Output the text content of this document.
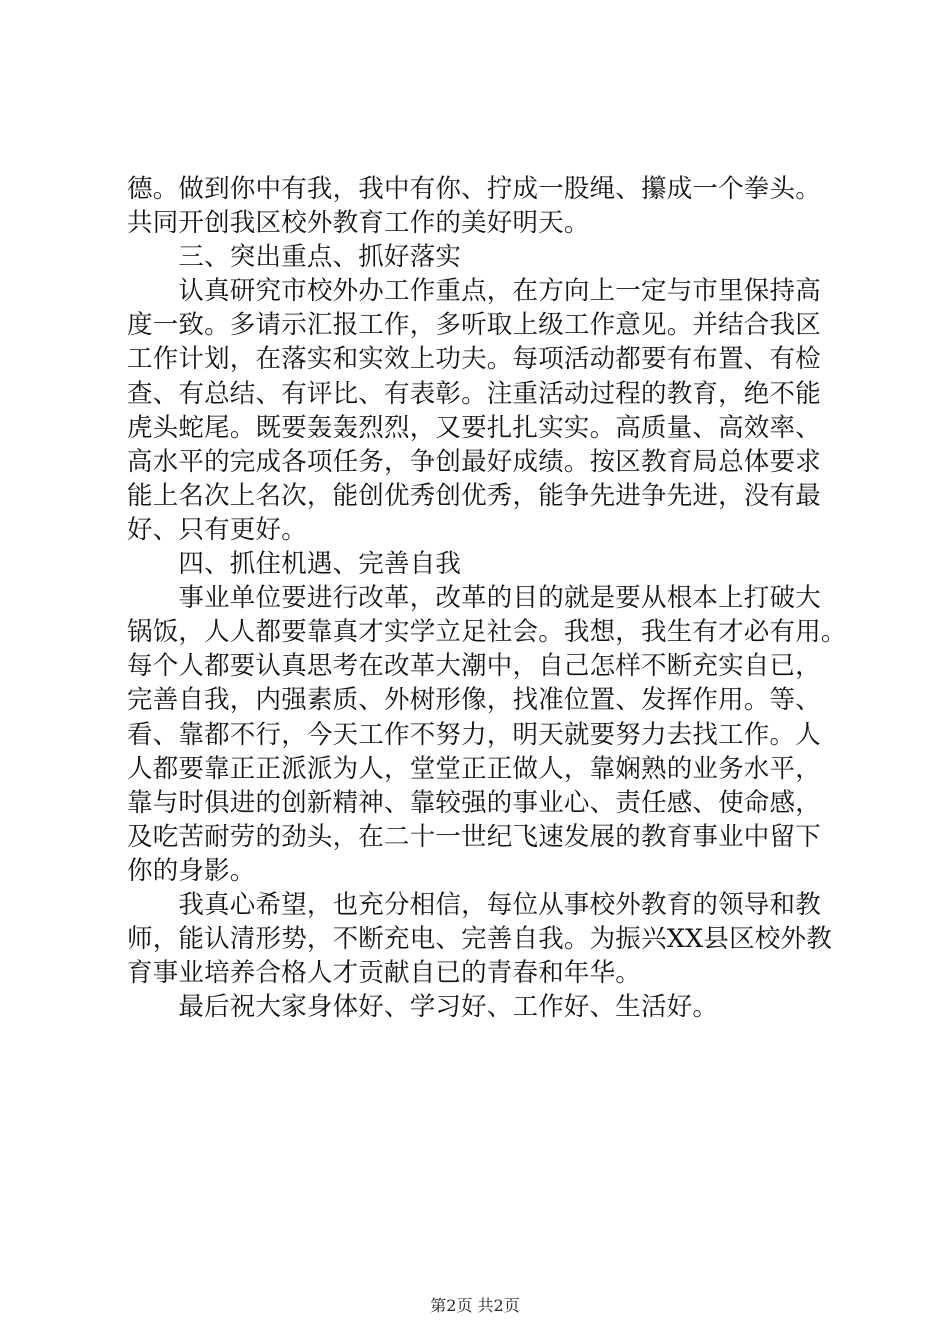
德。做到你中有我，我中有你、拧成一股绳、攥成一个拳头。
共同开创我区校外教育工作的美好明天。
　　三、突出重点、抓好落实
　　认真研究市校外办工作重点，在方向上一定与市里保持高
度一致。多请示汇报工作，多听取上级工作意见。并结合我区
工作计划，在落实和实效上功夫。每项活动都要有布置、有检
查、有总结、有评比、有表彰。注重活动过程的教育，绝不能
虎头蛇尾。既要轰轰烈烈，又要扎扎实实。高质量、高效率、
高水平的完成各项任务，争创最好成绩。按区教育局总体要求
能上名次上名次，能创优秀创优秀，能争先进争先进，没有最
好、只有更好。
　　四、抓住机遇、完善自我
　　事业单位要进行改革，改革的目的就是要从根本上打破大
锅饭，人人都要靠真才实学立足社会。我想，我生有才必有用。
每个人都要认真思考在改革大潮中，自己怎样不断充实自已，
完善自我，内强素质、外树形像，找准位置、发挥作用。等、
看、靠都不行，今天工作不努力，明天就要努力去找工作。人
人都要靠正正派派为人，堂堂正正做人，靠娴熟的业务水平，
靠与时俱进的创新精神、靠较强的事业心、责任感、使命感，
及吃苦耐劳的劲头，在二十一世纪飞速发展的教育事业中留下
你的身影。
　　我真心希望，也充分相信，每位从事校外教育的领导和教
师，能认清形势，不断充电、完善自我。为振兴XX县区校外教
育事业培养合格人才贡献自已的青春和年华。
　　最后祝大家身体好、学习好、工作好、生活好。
第2页 共2页
